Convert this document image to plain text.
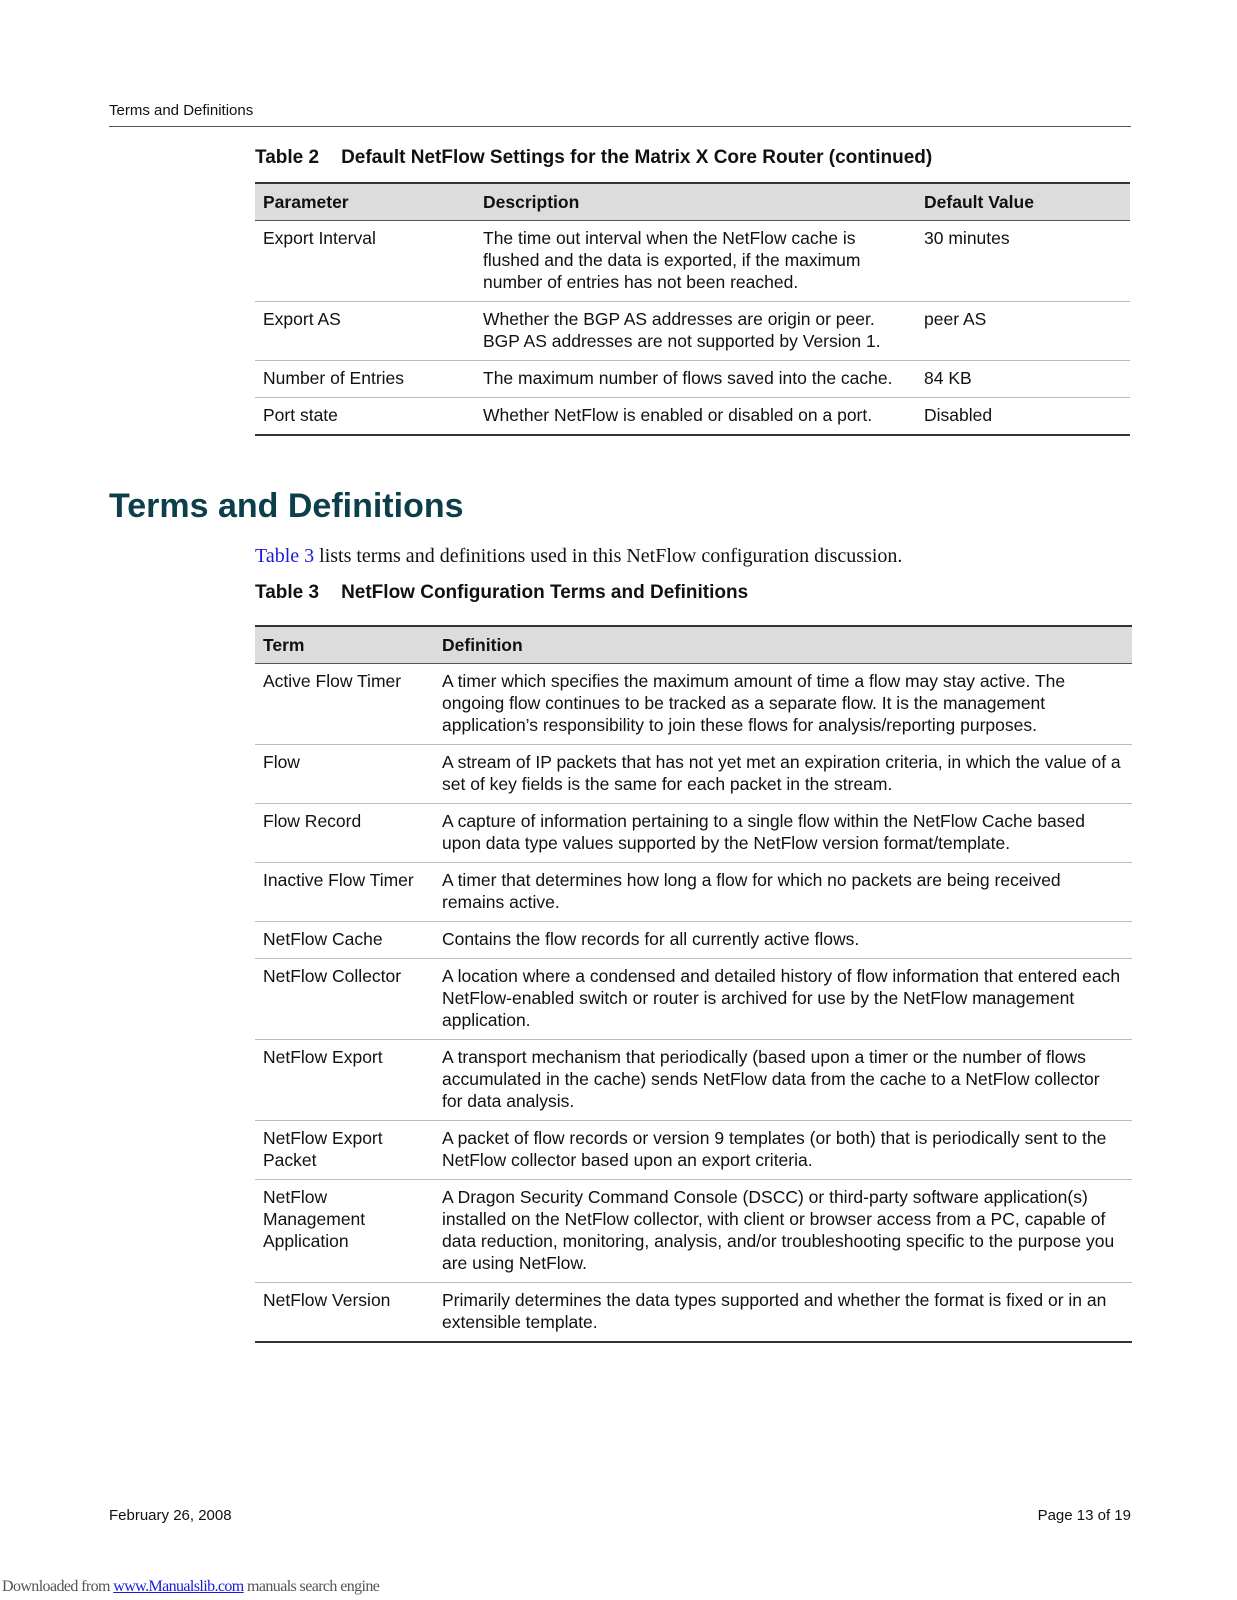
Terms and Definitions
Table 2 Default NetFlow Settings for the Matrix X Core Router (continued)
Parameter	Description	Default Value
Export Interval	The time out interval when the NetFlow cache is flushed and the data is exported, if the maximum number of entries has not been reached.	30 minutes
Export AS	Whether the BGP AS addresses are origin or peer. BGP AS addresses are not supported by Version 1.	peer AS
Number of Entries	The maximum number of flows saved into the cache.	84 KB
Port state	Whether NetFlow is enabled or disabled on a port.	Disabled
Terms and Definitions
Table 3 lists terms and definitions used in this NetFlow configuration discussion.
Table 3 NetFlow Configuration Terms and Definitions
Term	Definition
Active Flow Timer	A timer which specifies the maximum amount of time a flow may stay active. The ongoing flow continues to be tracked as a separate flow. It is the management application’s responsibility to join these flows for analysis/reporting purposes.
Flow	A stream of IP packets that has not yet met an expiration criteria, in which the value of a set of key fields is the same for each packet in the stream.
Flow Record	A capture of information pertaining to a single flow within the NetFlow Cache based upon data type values supported by the NetFlow version format/template.
Inactive Flow Timer	A timer that determines how long a flow for which no packets are being received remains active.
NetFlow Cache	Contains the flow records for all currently active flows.
NetFlow Collector	A location where a condensed and detailed history of flow information that entered each NetFlow-enabled switch or router is archived for use by the NetFlow management application.
NetFlow Export	A transport mechanism that periodically (based upon a timer or the number of flows accumulated in the cache) sends NetFlow data from the cache to a NetFlow collector for data analysis.
NetFlow Export Packet	A packet of flow records or version 9 templates (or both) that is periodically sent to the NetFlow collector based upon an export criteria.
NetFlow Management Application	A Dragon Security Command Console (DSCC) or third-party software application(s) installed on the NetFlow collector, with client or browser access from a PC, capable of data reduction, monitoring, analysis, and/or troubleshooting specific to the purpose you are using NetFlow.
NetFlow Version	Primarily determines the data types supported and whether the format is fixed or in an extensible template.
February 26, 2008	Page 13 of 19
Downloaded from www.Manualslib.com manuals search engine
